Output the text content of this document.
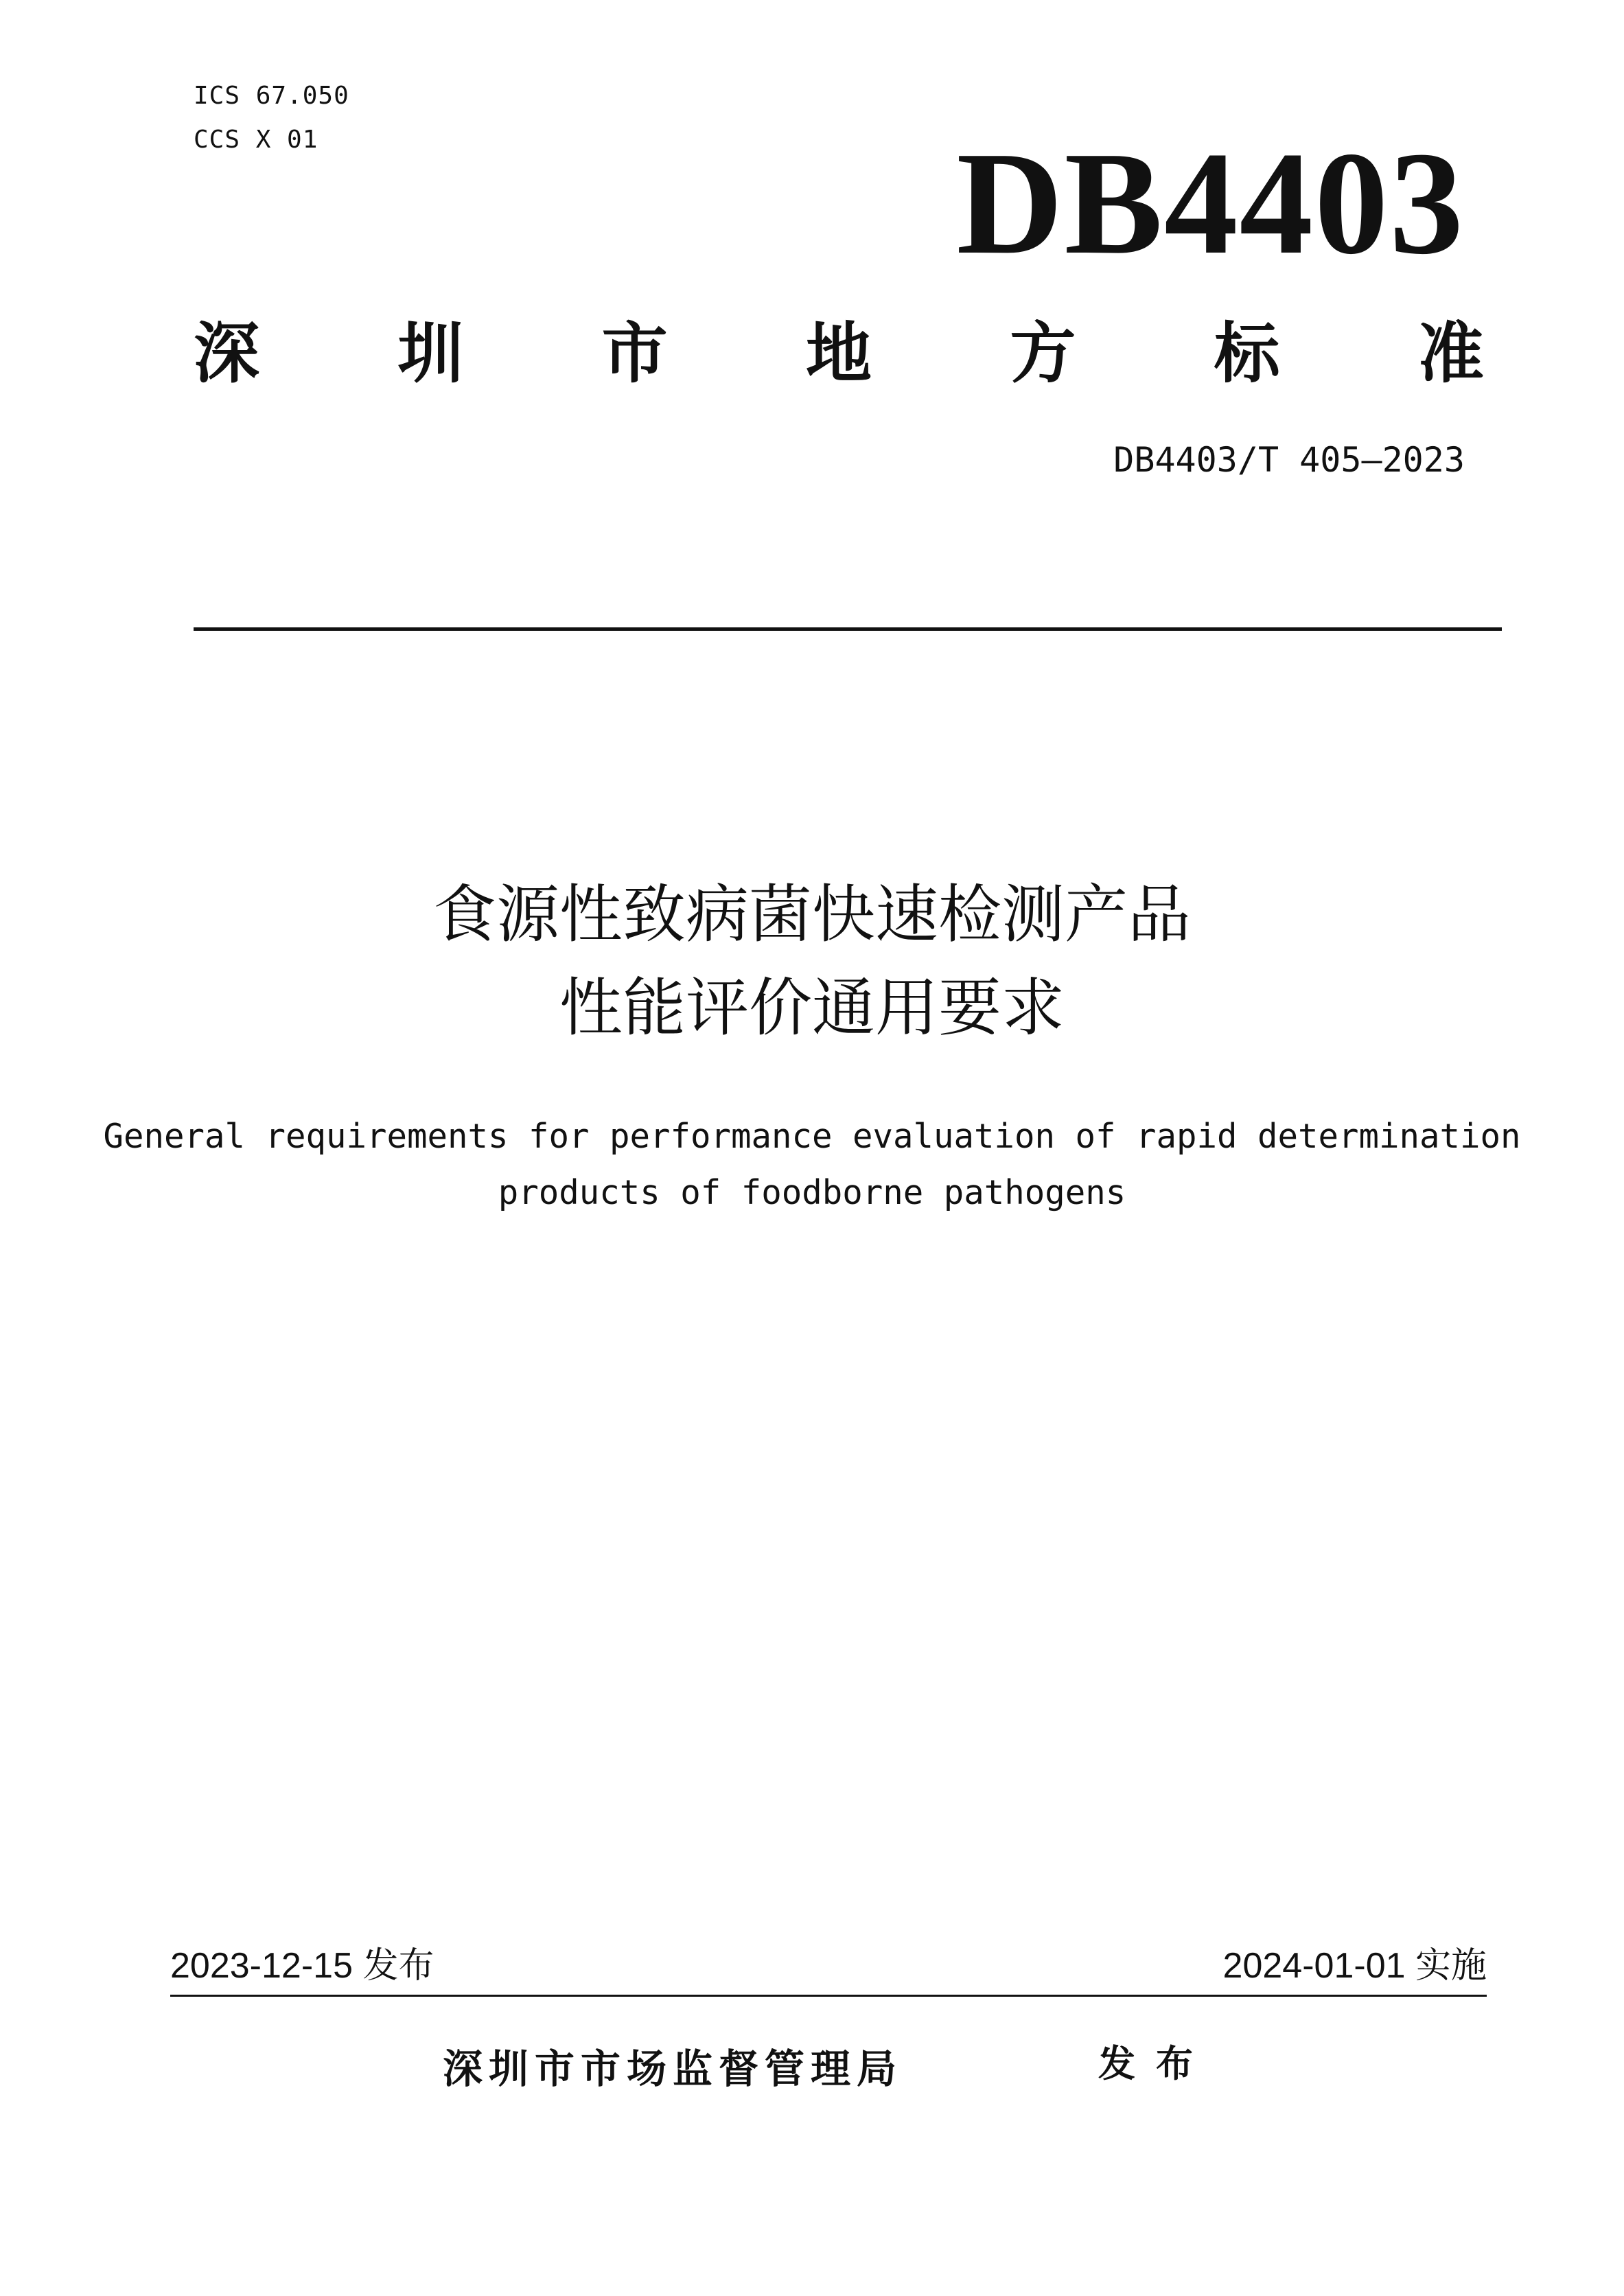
ICS 67.050
CCS X 01	DB4403
深 圳 市 地 方 标 准
DB4403/T 405—2023
食源性致病菌快速检测产品
性能评价通用要求
General requirements for performance evaluation of rapid determination
products of foodborne pathogens
2023-12-15 发布	2024-01-01 实施
深圳市市场监督管理局	发布
